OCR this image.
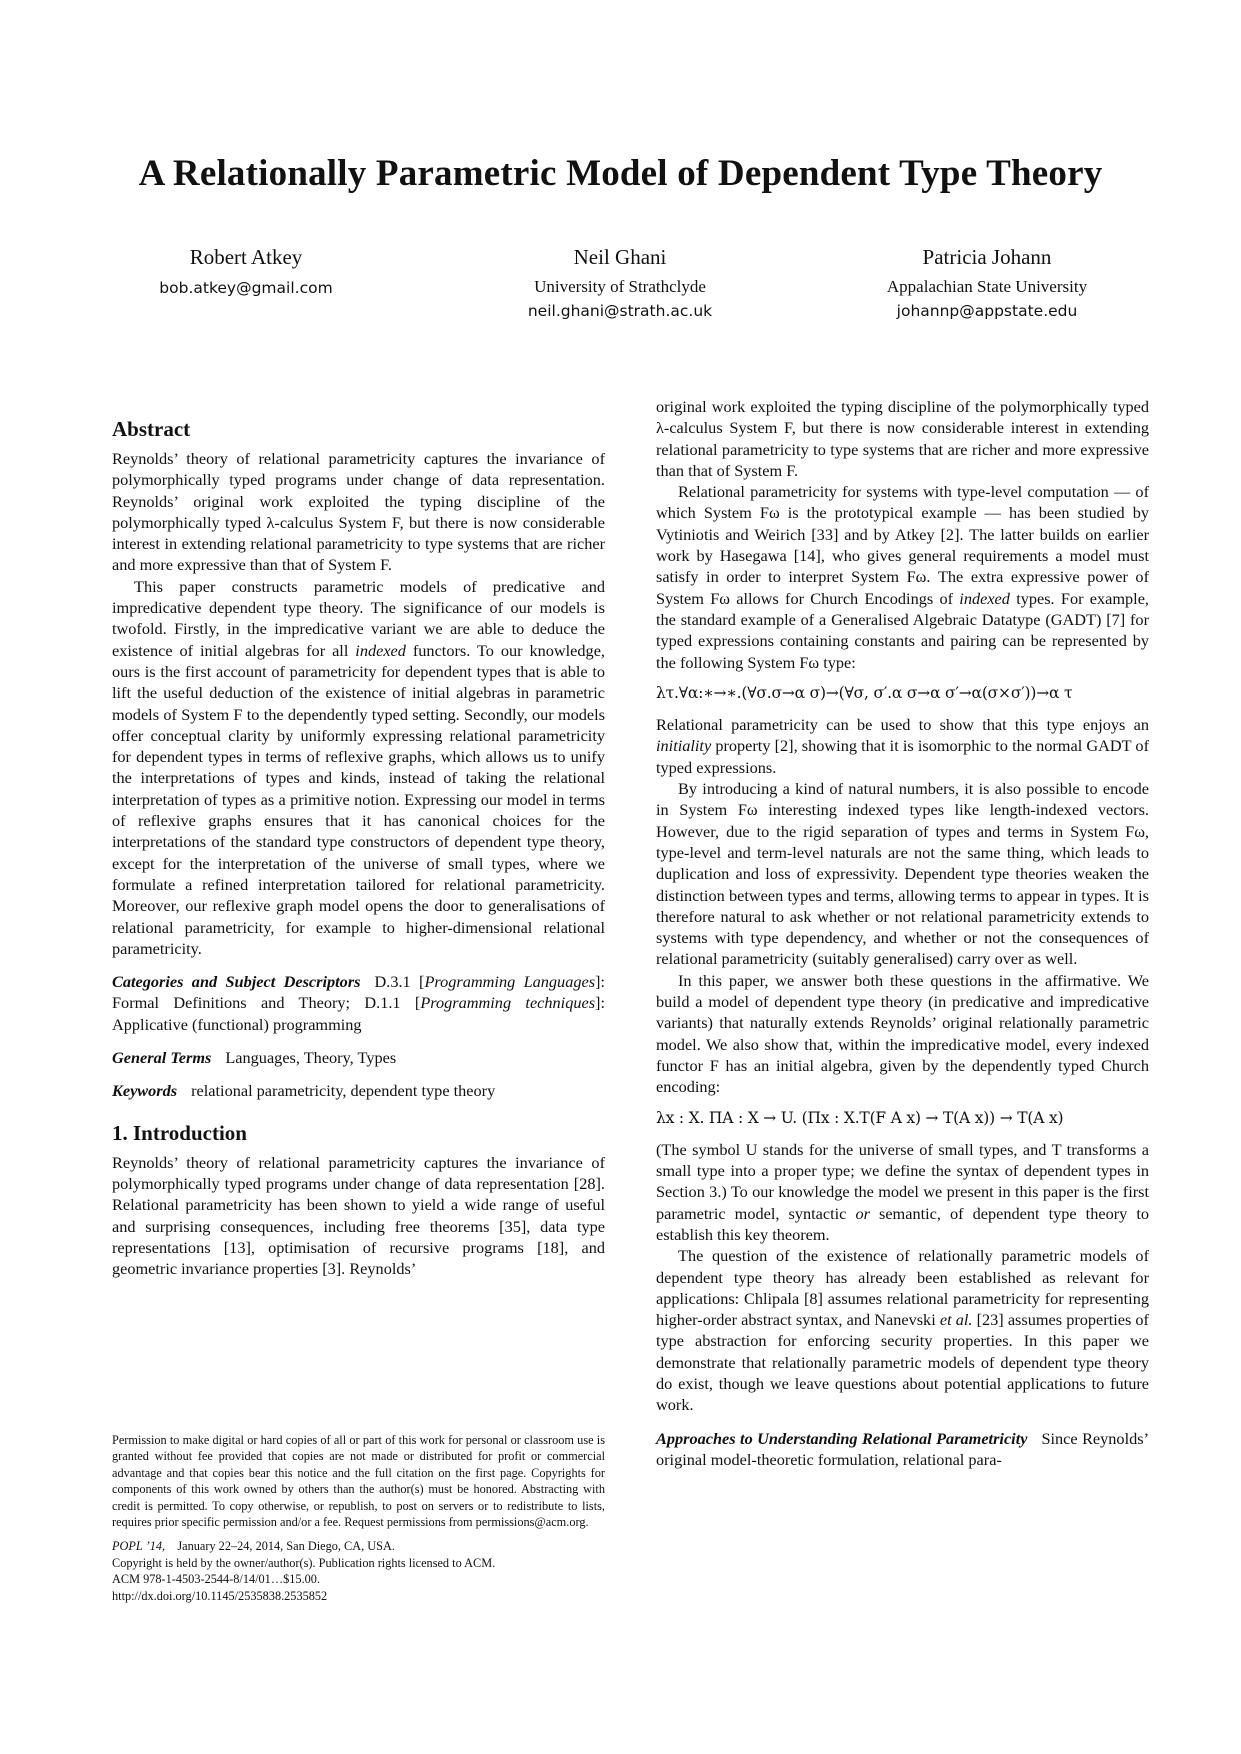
A Relationally Parametric Model of Dependent Type Theory
Robert Atkey
bob.atkey@gmail.com
Neil Ghani
University of Strathclyde
neil.ghani@strath.ac.uk
Patricia Johann
Appalachian State University
johannp@appstate.edu
Abstract

Reynolds’ theory of relational parametricity captures the invariance of polymorphically typed programs under change of data representation. Reynolds’ original work exploited the typing discipline of the polymorphically typed λ-calculus System F, but there is now considerable interest in extending relational parametricity to type systems that are richer and more expressive than that of System F.

This paper constructs parametric models of predicative and impredicative dependent type theory. The significance of our models is twofold. Firstly, in the impredicative variant we are able to deduce the existence of initial algebras for all indexed functors. To our knowledge, ours is the first account of parametricity for dependent types that is able to lift the useful deduction of the existence of initial algebras in parametric models of System F to the dependently typed setting. Secondly, our models offer conceptual clarity by uniformly expressing relational parametricity for dependent types in terms of reflexive graphs, which allows us to unify the interpretations of types and kinds, instead of taking the relational interpretation of types as a primitive notion. Expressing our model in terms of reflexive graphs ensures that it has canonical choices for the interpretations of the standard type constructors of dependent type theory, except for the interpretation of the universe of small types, where we formulate a refined interpretation tailored for relational parametricity. Moreover, our reflexive graph model opens the door to generalisations of relational parametricity, for example to higher-dimensional relational parametricity.

Categories and Subject Descriptors D.3.1 [Programming Languages]: Formal Definitions and Theory; D.1.1 [Programming techniques]: Applicative (functional) programming

General Terms Languages, Theory, Types

Keywords relational parametricity, dependent type theory

1. Introduction

Reynolds’ theory of relational parametricity captures the invariance of polymorphically typed programs under change of data representation [28]. Relational parametricity has been shown to yield a wide range of useful and surprising consequences, including free theorems [35], data type representations [13], optimisation of recursive programs [18], and geometric invariance properties [3]. Reynolds’

Permission to make digital or hard copies of all or part of this work for personal or classroom use is granted without fee provided that copies are not made or distributed for profit or commercial advantage and that copies bear this notice and the full citation on the first page. Copyrights for components of this work owned by others than the author(s) must be honored. Abstracting with credit is permitted. To copy otherwise, or republish, to post on servers or to redistribute to lists, requires prior specific permission and/or a fee. Request permissions from permissions@acm.org.

POPL ’14, January 22–24, 2014, San Diego, CA, USA.

Copyright is held by the owner/author(s). Publication rights licensed to ACM.

ACM 978-1-4503-2544-8/14/01…$15.00.

http://dx.doi.org/10.1145/2535838.2535852

original work exploited the typing discipline of the polymorphically typed λ-calculus System F, but there is now considerable interest in extending relational parametricity to type systems that are richer and more expressive than that of System F.

Relational parametricity for systems with type-level computation — of which System Fω is the prototypical example — has been studied by Vytiniotis and Weirich [33] and by Atkey [2]. The latter builds on earlier work by Hasegawa [14], who gives general requirements a model must satisfy in order to interpret System Fω. The extra expressive power of System Fω allows for Church Encodings of indexed types. For example, the standard example of a Generalised Algebraic Datatype (GADT) [7] for typed expressions containing constants and pairing can be represented by the following System Fω type:

λτ.∀α:∗→∗.(∀σ.σ→α σ)→(∀σ, σ′.α σ→α σ′→α(σ×σ′))→α τ

Relational parametricity can be used to show that this type enjoys an initiality property [2], showing that it is isomorphic to the normal GADT of typed expressions.

By introducing a kind of natural numbers, it is also possible to encode in System Fω interesting indexed types like length-indexed vectors. However, due to the rigid separation of types and terms in System Fω, type-level and term-level naturals are not the same thing, which leads to duplication and loss of expressivity. Dependent type theories weaken the distinction between types and terms, allowing terms to appear in types. It is therefore natural to ask whether or not relational parametricity extends to systems with type dependency, and whether or not the consequences of relational parametricity (suitably generalised) carry over as well.

In this paper, we answer both these questions in the affirmative. We build a model of dependent type theory (in predicative and impredicative variants) that naturally extends Reynolds’ original relationally parametric model. We also show that, within the impredicative model, every indexed functor F has an initial algebra, given by the dependently typed Church encoding:

λx : X. ΠA : X → U. (Πx : X.T(F A x) → T(A x)) → T(A x)

(The symbol U stands for the universe of small types, and T transforms a small type into a proper type; we define the syntax of dependent types in Section 3.) To our knowledge the model we present in this paper is the first parametric model, syntactic or semantic, of dependent type theory to establish this key theorem.

The question of the existence of relationally parametric models of dependent type theory has already been established as relevant for applications: Chlipala [8] assumes relational parametricity for representing higher-order abstract syntax, and Nanevski et al. [23] assumes properties of type abstraction for enforcing security properties. In this paper we demonstrate that relationally parametric models of dependent type theory do exist, though we leave questions about potential applications to future work.

Approaches to Understanding Relational Parametricity Since Reynolds’ original model-theoretic formulation, relational para-
